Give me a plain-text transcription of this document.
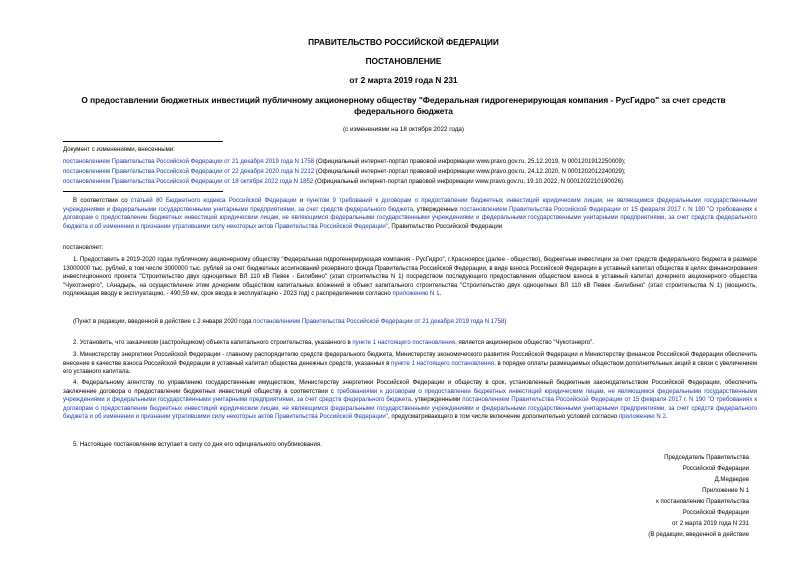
ПРАВИТЕЛЬСТВО РОССИЙСКОЙ ФЕДЕРАЦИИ
ПОСТАНОВЛЕНИЕ
от 2 марта 2019 года N 231
О предоставлении бюджетных инвестиций публичному акционерному обществу "Федеральная гидрогенерирующая компания - РусГидро" за счет средств
федерального бюджета
(с изменениями на 18 октября 2022 года)
Документ с изменениями, внесенными:
постановлением Правительства Российской Федерации от 21 декабря 2019 года N 1758 (Официальный интернет-портал правовой информации www.pravo.gov.ru, 25.12.2019, N 0001201912250009);
постановлением Правительства Российской Федерации от 22 декабря 2020 года N 2212 (Официальный интернет-портал правовой информации www.pravo.gov.ru, 24.12.2020, N 0001202012240029);
постановлением Правительства Российской Федерации от 18 октября 2022 года N 1852 (Официальный интернет-портал правовой информации www.pravo.gov.ru, 19.10.2022, N 0001202210190026).
В соответствии со статьей 80 Бюджетного кодекса Российской Федерации и пунктом 9 требований к договорам о предоставлении бюджетных инвестиций юридическим лицам, не являющимся федеральными государственными учреждениями и федеральными государственными унитарными предприятиями, за счет средств федерального бюджета, утвержденных постановлением Правительства Российской Федерации от 15 февраля 2017 г. N 190 "О требованиях к договорам о предоставлении бюджетных инвестиций юридическим лицам, не являющимся федеральными государственными учреждениями и федеральными государственными унитарными предприятиями, за счет средств федерального бюджета и об изменении и признании утратившими силу некоторых актов Правительства Российской Федерации", Правительство Российской Федерации
постановляет:
1. Предоставить в 2019-2020 годах публичному акционерному обществу "Федеральная гидрогенерирующая компания - РусГидро", г.Красноярск (далее - общество), бюджетные инвестиции за счет средств федерального бюджета в размере 13000000 тыс. рублей, в том числе 3000000 тыс. рублей за счет бюджетных ассигнований резервного фонда Правительства Российской Федерации, в виде взноса Российской Федерации в уставный капитал общества в целях финансирования инвестиционного проекта "Строительство двух одноцепных ВЛ 110 кВ Певек - Билибино" (этап строительства N 1) посредством последующего предоставления обществом взноса в уставный капитал дочернего акционерного общества "Чукотэнерго", г.Анадырь, на осуществление этим дочерним обществом капитальных вложений в объект капитального строительства "Строительство двух одноцепных ВЛ 110 кВ Певек -Билибино" (этап строительства N 1) (мощность, подлежащая вводу в эксплуатацию, - 490,59 км, срок ввода в эксплуатацию - 2023 год) с распределением согласно приложению N 1.
(Пункт в редакции, введенной в действие с 2 января 2020 года постановлением Правительства Российской Федерации от 21 декабря 2019 года N 1758)
2. Установить, что заказчиком (застройщиком) объекта капитального строительства, указанного в пункте 1 настоящего постановления, является акционерное общество "Чукотэнерго".
3. Министерству энергетики Российской Федерации - главному распорядителю средств федерального бюджета, Министерству экономического развития Российской Федерации и Министерству финансов Российской Федерации обеспечить внесение в качестве взноса Российской Федерации в уставный капитал общества денежных средств, указанных в пункте 1 настоящего постановления, в порядке оплаты размещаемых обществом дополнительных акций в связи с увеличением его уставного капитала.
4. Федеральному агентству по управлению государственным имуществом, Министерству энергетики Российской Федерации и обществу в срок, установленный бюджетным законодательством Российской Федерации, обеспечить заключение договора о предоставлении бюджетных инвестиций обществу в соответствии с требованиями к договорам о предоставлении бюджетных инвестиций юридическим лицам, не являющимся федеральными государственными учреждениями и федеральными государственными унитарными предприятиями, за счет средств федерального бюджета, утвержденными постановлением Правительства Российской Федерации от 15 февраля 2017 г. N 190 "О требованиях к договорам о предоставлении бюджетных инвестиций юридическим лицам, не являющимся федеральными государственными учреждениями и федеральными государственными унитарными предприятиями, за счет средств федерального бюджета и об изменении и признании утратившими силу некоторых актов Правительства Российской Федерации", предусматривающего в том числе включение дополнительно условий согласно приложению N 2.
5. Настоящее постановление вступает в силу со дня его официального опубликования.
Председатель Правительства
Российской Федерации
Д.Медведев
Приложение N 1
к постановлению Правительства
Российской Федерации
от 2 марта 2019 года N 231
(В редакции, введенной в действие
